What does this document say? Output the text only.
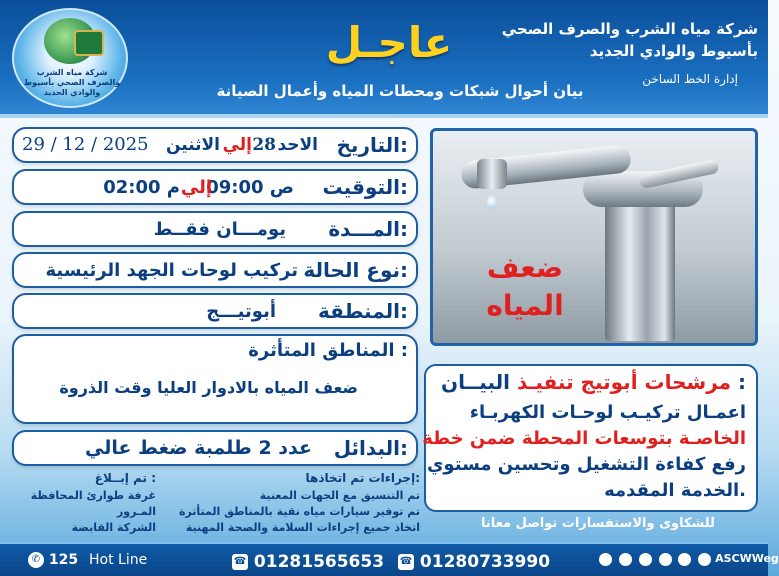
شركة مياه الشرب والصرف الصحي بأسيوط والوادي الجديد
عاجـل
بيان أحوال شبكات ومحطات المياه وأعمال الصيانة
شركة مياه الشرب والصرف الصحي
بأسيوط والوادي الجديد
إدارة الخط الساخن
التاريخ:
الاحد
28
إلي
الاثنين
29 / 12 / 2025
التوقيت:
09:00 ص
إلي
02:00 م
المـــدة:
يومـــان فقــط
نوع الحالة:
تركيب لوحات الجهد الرئيسية
المنطقة:
أبوتيـــج
المناطق المتأثرة :
ضعف المياه بالادوار العليا وقت الذروة
البدائل:
عدد 2 طلمبة ضغط عالي
ضعف
المياه
مرشحات أبوتيج تنفيـذ البيــان :
اعمـال تركيـب لوحـات الكهربـاء
الخاصـة بتوسعات المحطة ضمن خطة
رفع كفاءة التشغيل وتحسين مستوي
الخدمة المقدمه.
إجراءات تم اتخاذها:
تم التنسيق مع الجهات المعنية
تم توفير سيارات مياه نقية بالمناطق المتأثرة
اتخاذ جميع إجراءات السلامة والصحة المهنية
تم إبــلاغ :
غرفة طوارئ المحافظة
المـرور
الشركة القابضة	للشكاوى والاستفسارات تواصل معانا
✆ 125 Hot Line	☎ 01281565653 ☎ 01280733990	ASCWWeg
